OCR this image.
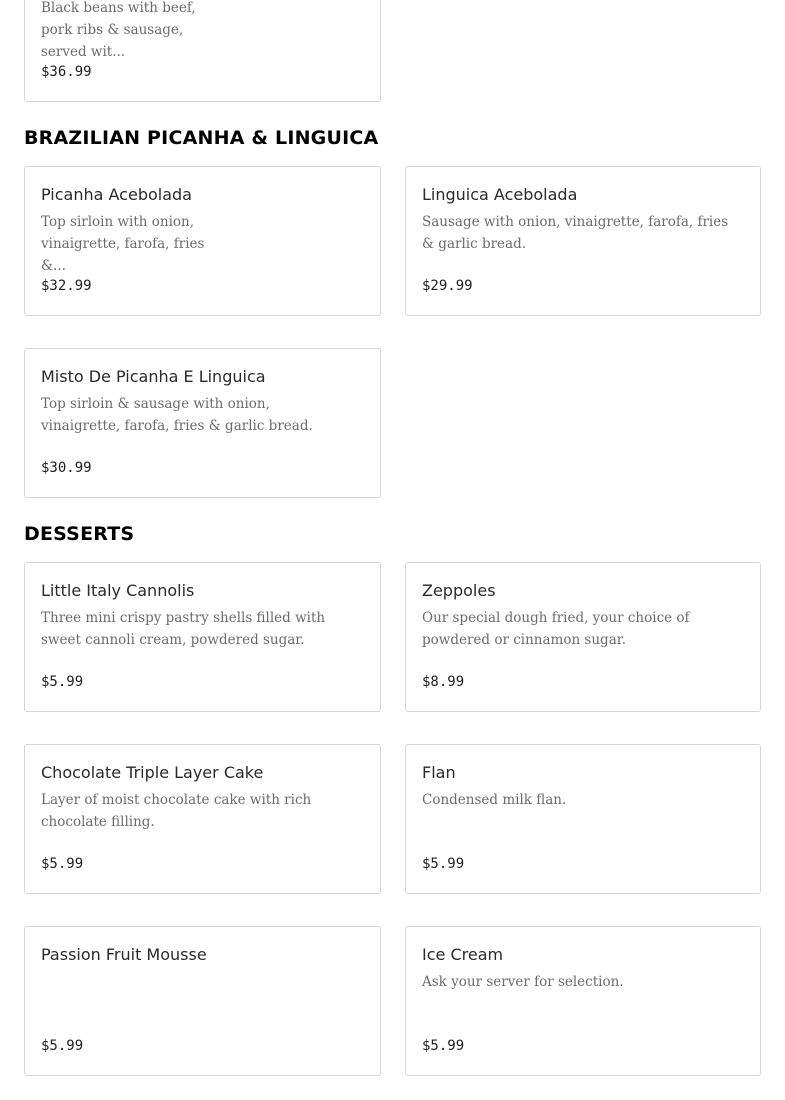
Black beans with beef, pork ribs & sausage, served wit...
$36.99
BRAZILIAN PICANHA & LINGUICA
Picanha Acebolada
Top sirloin with onion, vinaigrette, farofa, fries &...
$32.99
Linguica Acebolada
Sausage with onion, vinaigrette, farofa, fries & garlic bread.
$29.99
Misto De Picanha E Linguica
Top sirloin & sausage with onion, vinaigrette, farofa, fries & garlic bread.
$30.99
DESSERTS
Little Italy Cannolis
Three mini crispy pastry shells filled with sweet cannoli cream, powdered sugar.
$5.99
Zeppoles
Our special dough fried, your choice of powdered or cinnamon sugar.
$8.99
Chocolate Triple Layer Cake
Layer of moist chocolate cake with rich chocolate filling.
$5.99
Flan
Condensed milk flan.
$5.99
Passion Fruit Mousse
$5.99
Ice Cream
Ask your server for selection.
$5.99
